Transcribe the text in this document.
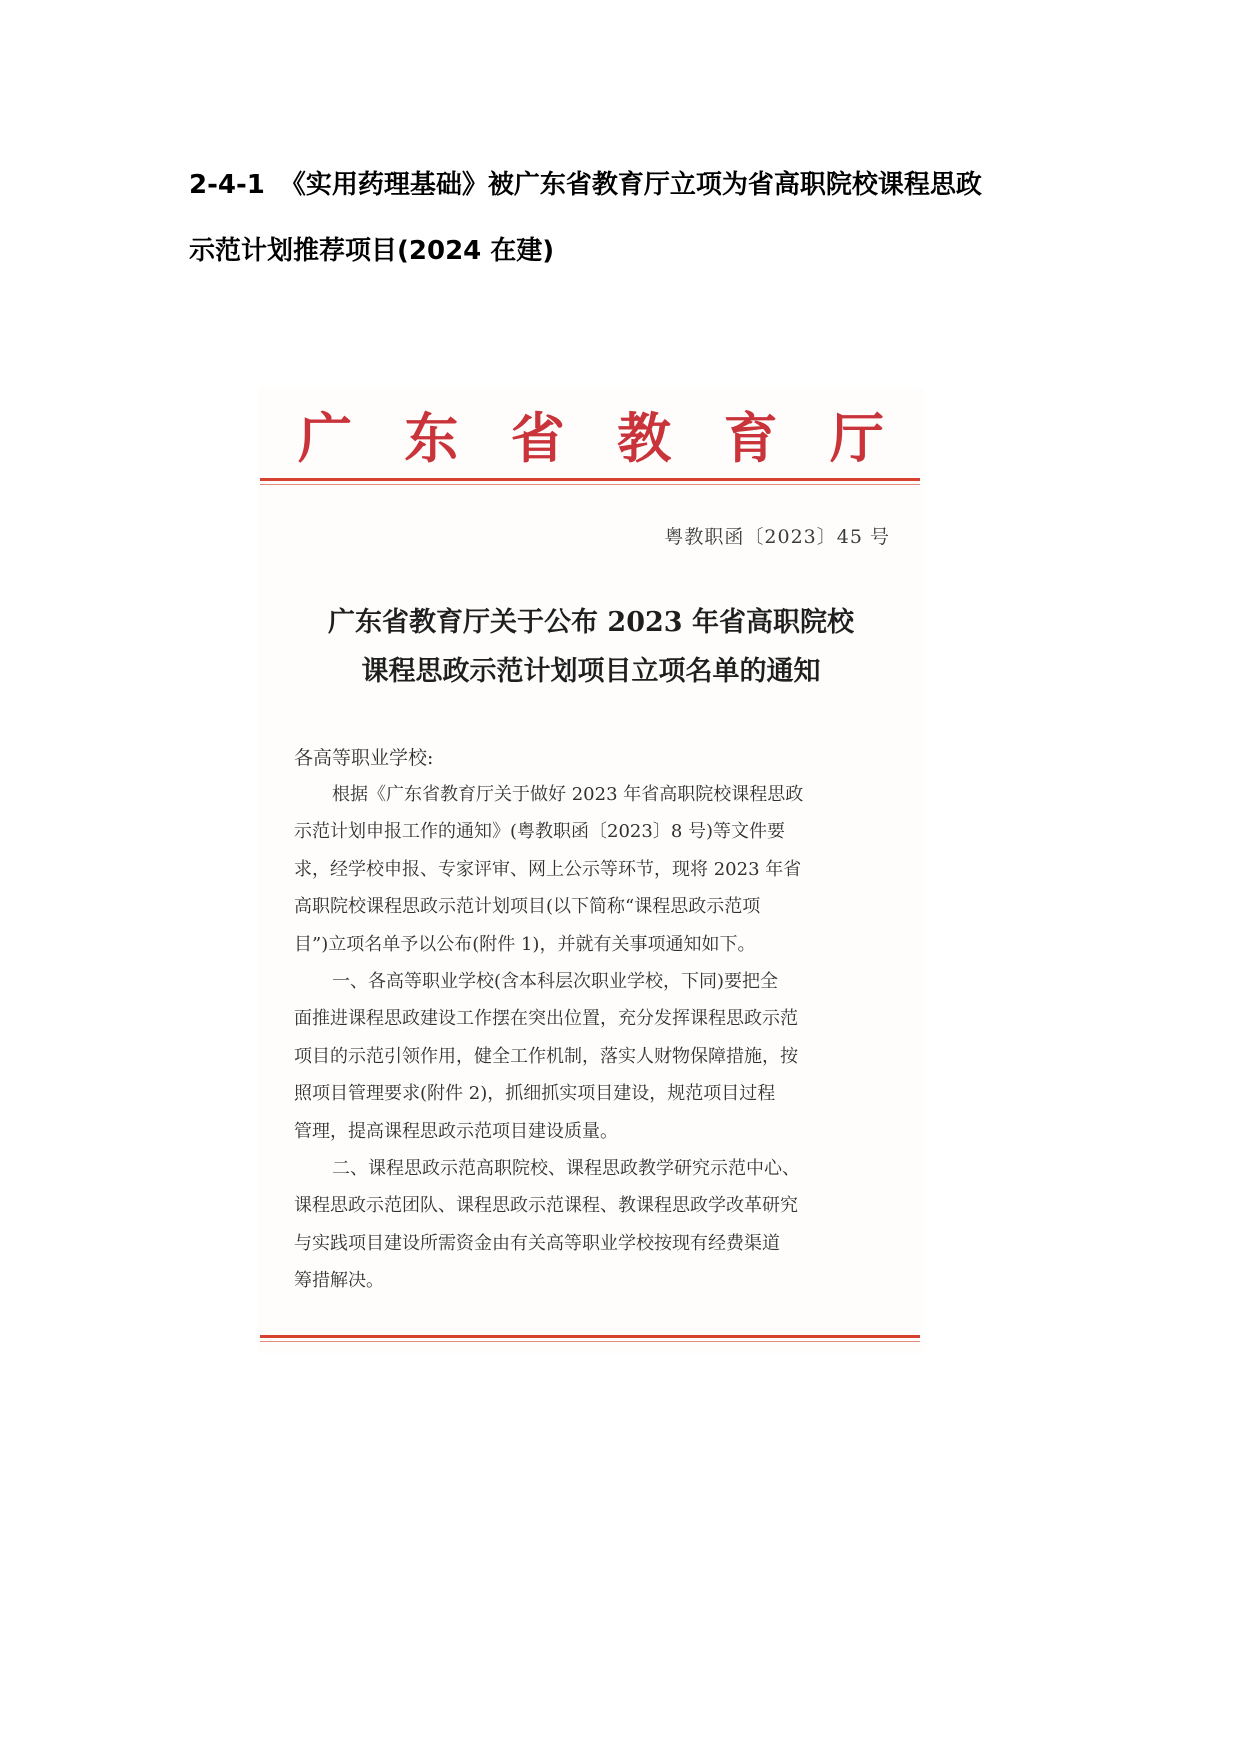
2-4-1 《实用药理基础》被广东省教育厅立项为省高职院校课程思政
示范计划推荐项目(2024 在建)
广 东 省 教 育 厅

粤教职函〔2023〕45 号

广东省教育厅关于公布 2023 年省高职院校
课程思政示范计划项目立项名单的通知

各高等职业学校:

根据《广东省教育厅关于做好 2023 年省高职院校课程思政
示范计划申报工作的通知》(粤教职函〔2023〕8 号)等文件要
求，经学校申报、专家评审、网上公示等环节，现将 2023 年省
高职院校课程思政示范计划项目(以下简称“课程思政示范项
目”)立项名单予以公布(附件 1)，并就有关事项通知如下。
一、各高等职业学校(含本科层次职业学校，下同)要把全
面推进课程思政建设工作摆在突出位置，充分发挥课程思政示范
项目的示范引领作用，健全工作机制，落实人财物保障措施，按
照项目管理要求(附件 2)，抓细抓实项目建设，规范项目过程
管理，提高课程思政示范项目建设质量。
二、课程思政示范高职院校、课程思政教学研究示范中心、
课程思政示范团队、课程思政示范课程、教课程思政学改革研究
与实践项目建设所需资金由有关高等职业学校按现有经费渠道
筹措解决。
